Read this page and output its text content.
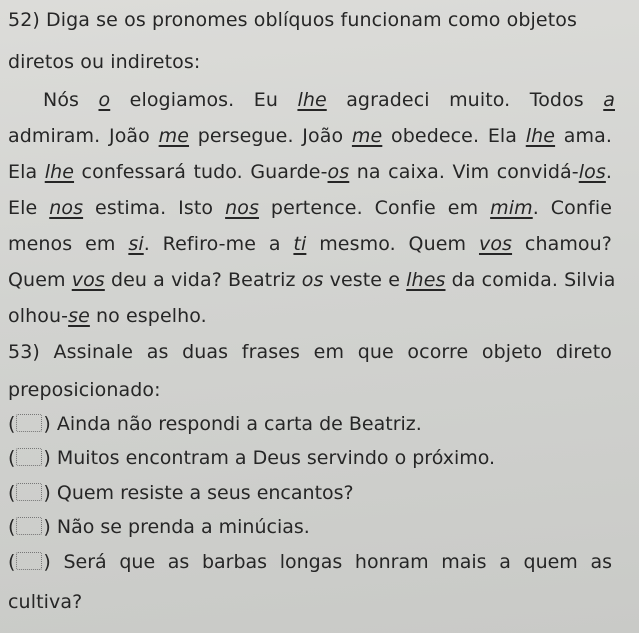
52) Diga se os pronomes oblíquos funcionam como objetos
diretos ou indiretos:
Nós o elogiamos. Eu lhe agradeci muito. Todos a
admiram. João me persegue. João me obedece. Ela lhe ama.
Ela lhe confessará tudo. Guarde-os na caixa. Vim convidá-los.
Ele nos estima. Isto nos pertence. Confie em mim. Confie
menos em si. Refiro-me a ti mesmo. Quem vos chamou?
Quem vos deu a vida? Beatriz os veste e lhes da comida. Silvia
olhou-se no espelho.
53) Assinale as duas frases em que ocorre objeto direto
preposicionado:
( ) Ainda não respondi a carta de Beatriz.
( ) Muitos encontram a Deus servindo o próximo.
( ) Quem resiste a seus encantos?
( ) Não se prenda a minúcias.
( ) Será que as barbas longas honram mais a quem as
cultiva?
